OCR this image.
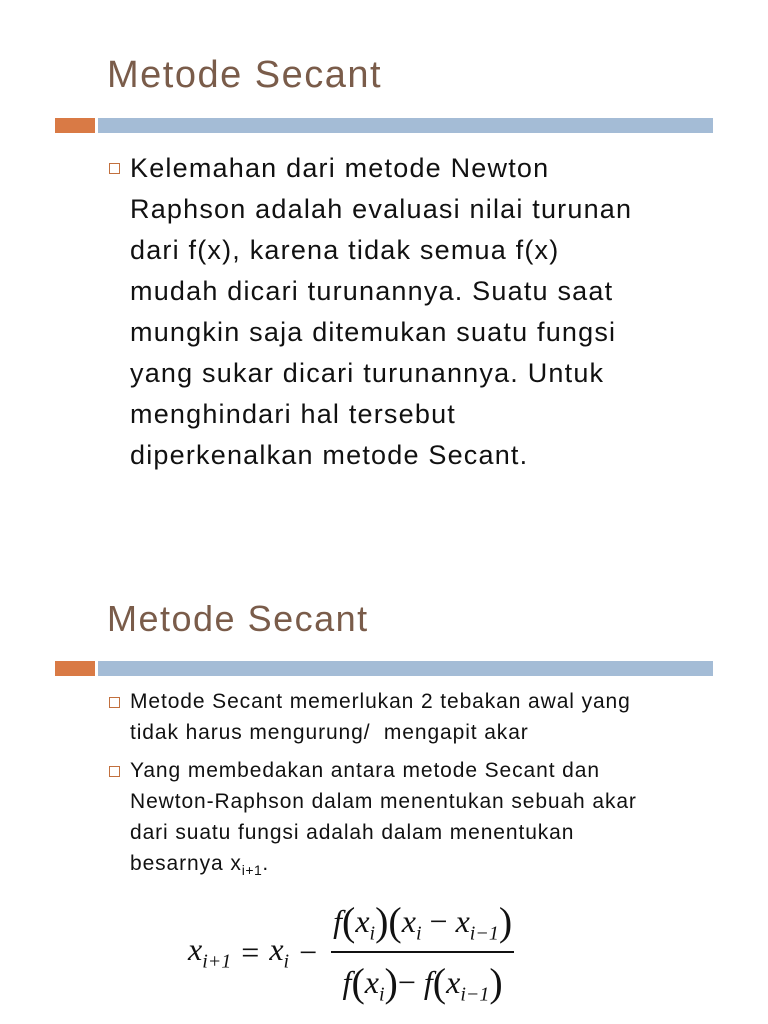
Metode Secant
Kelemahan dari metode Newton
Raphson adalah evaluasi nilai turunan
dari f(x), karena tidak semua f(x)
mudah dicari turunannya. Suatu saat
mungkin saja ditemukan suatu fungsi
yang sukar dicari turunannya. Untuk
menghindari hal tersebut
diperkenalkan metode Secant.
Metode Secant
Metode Secant memerlukan 2 tebakan awal yang
tidak harus mengurung/  mengapit akar
Yang membedakan antara metode Secant dan
Newton-Raphson dalam menentukan sebuah akar
dari suatu fungsi adalah dalam menentukan
besarnya $x_{i+1}$.
$x_{i+1} = x_i - \frac{f(x_i)(x_i - x_{i-1})}{f(x_i)- f(x_{i-1})}$
